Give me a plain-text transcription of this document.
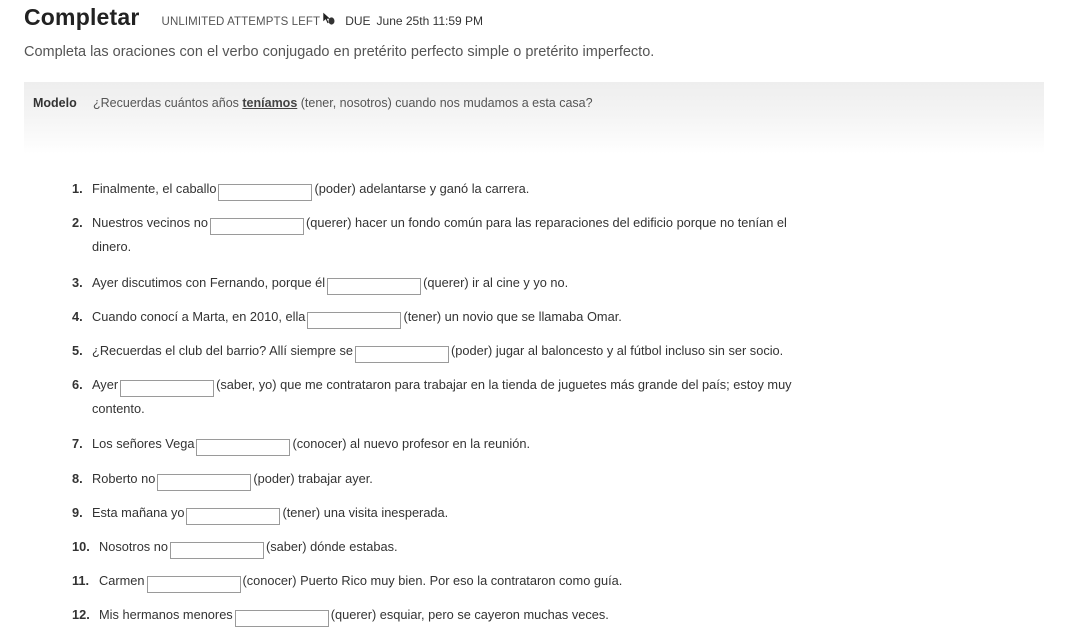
Completar UNLIMITED ATTEMPTS LEFT DUE June 25th 11:59 PM
Completa las oraciones con el verbo conjugado en pretérito perfecto simple o pretérito imperfecto.
Modelo ¿Recuerdas cuántos años teníamos (tener, nosotros) cuando nos mudamos a esta casa?
1. Finalmente, el caballo	(poder) adelantarse y ganó la carrera.
2. Nuestros vecinos no	(querer) hacer un fondo común para las reparaciones del edificio porque no tenían el
dinero.
3. Ayer discutimos con Fernando, porque él	(querer) ir al cine y yo no.
4. Cuando conocí a Marta, en 2010, ella	(tener) un novio que se llamaba Omar.
5. ¿Recuerdas el club del barrio? Allí siempre se	(poder) jugar al baloncesto y al fútbol incluso sin ser socio.
6. Ayer	(saber, yo) que me contrataron para trabajar en la tienda de juguetes más grande del país; estoy muy
contento.
7. Los señores Vega	(conocer) al nuevo profesor en la reunión.
8. Roberto no	(poder) trabajar ayer.
9. Esta mañana yo	(tener) una visita inesperada.
10. Nosotros no	(saber) dónde estabas.
11. Carmen	(conocer) Puerto Rico muy bien. Por eso la contrataron como guía.
12. Mis hermanos menores	(querer) esquiar, pero se cayeron muchas veces.
